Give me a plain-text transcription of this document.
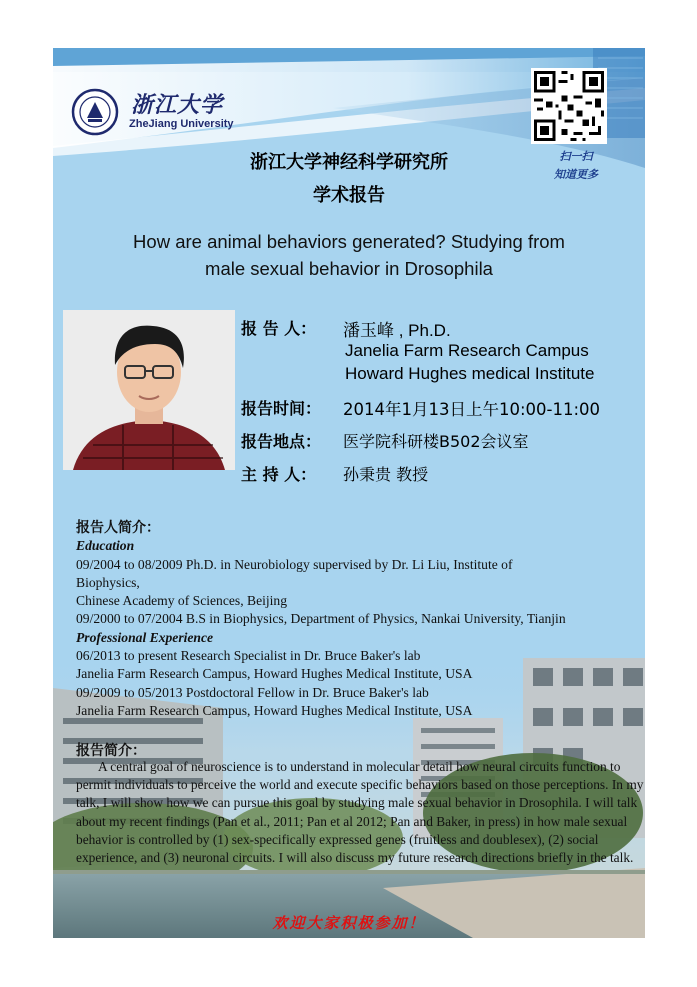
浙江大学
ZheJiang University
扫一扫
知道更多
浙江大学神经科学研究所
学术报告
How are animal behaviors generated? Studying from
male sexual behavior in Drosophila
报 告 人： 潘玉峰 , Ph.D.
Janelia Farm Research Campus
Howard Hughes medical Institute
报告时间： 2014年1月13日上午10:00-11:00
报告地点： 医学院科研楼B502会议室
主 持 人： 孙秉贵 教授
报告人简介：
Education
09/2004 to 08/2009 Ph.D. in Neurobiology supervised by Dr. Li Liu, Institute of
Biophysics,
Chinese Academy of Sciences, Beijing
09/2000 to 07/2004 B.S in Biophysics, Department of Physics, Nankai University, Tianjin
Professional Experience
06/2013 to present Research Specialist in Dr. Bruce Baker's lab
Janelia Farm Research Campus, Howard Hughes Medical Institute, USA
09/2009 to 05/2013 Postdoctoral Fellow in Dr. Bruce Baker's lab
Janelia Farm Research Campus, Howard Hughes Medical Institute, USA
报告简介：
A central goal of neuroscience is to understand in molecular detail how neural circuits function to permit individuals to perceive the world and execute specific behaviors based on those perceptions. In my talk, I will show how we can pursue this goal by studying male sexual behavior in Drosophila. I will talk about my recent findings (Pan et al., 2011; Pan et al 2012; Pan and Baker, in press) in how male sexual behavior is controlled by (1) sex-specifically expressed genes (fruitless and doublesex), (2) social experience, and (3) neuronal circuits. I will also discuss my future research directions briefly in the talk.
欢迎大家积极参加！
